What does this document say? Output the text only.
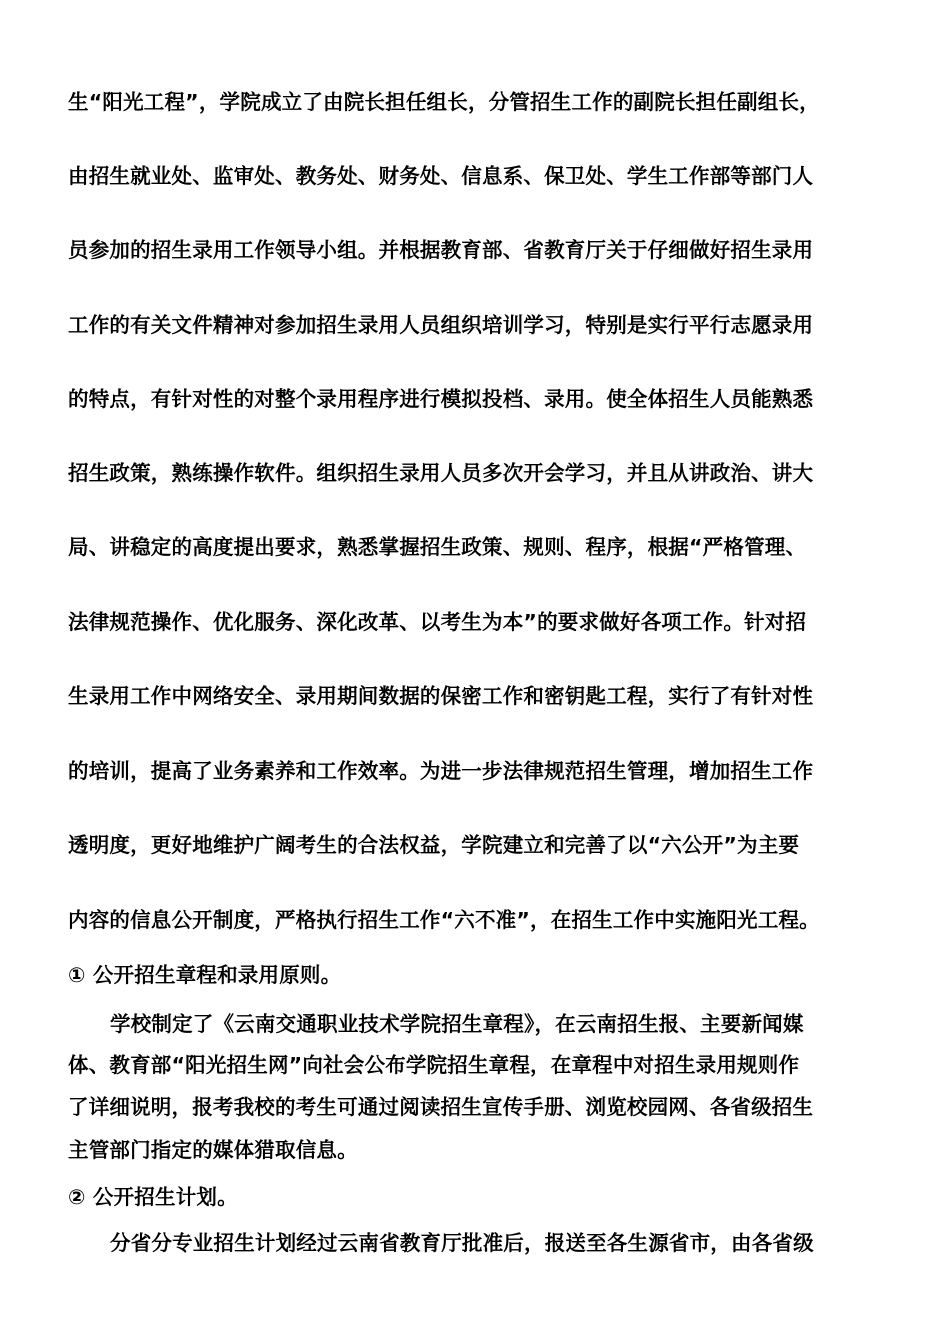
生“阳光工程”，学院成立了由院长担任组长，分管招生工作的副院长担任副组长，
由招生就业处、监审处、教务处、财务处、信息系、保卫处、学生工作部等部门人
员参加的招生录用工作领导小组。并根据教育部、省教育厅关于仔细做好招生录用
工作的有关文件精神对参加招生录用人员组织培训学习，特别是实行平行志愿录用
的特点，有针对性的对整个录用程序进行模拟投档、录用。使全体招生人员能熟悉
招生政策，熟练操作软件。组织招生录用人员多次开会学习，并且从讲政治、讲大
局、讲稳定的高度提出要求，熟悉掌握招生政策、规则、程序，根据“严格管理、
法律规范操作、优化服务、深化改革、以考生为本”的要求做好各项工作。针对招
生录用工作中网络安全、录用期间数据的保密工作和密钥匙工程，实行了有针对性
的培训，提高了业务素养和工作效率。为进一步法律规范招生管理，增加招生工作
透明度，更好地维护广阔考生的合法权益，学院建立和完善了以“六公开”为主要
内容的信息公开制度，严格执行招生工作“六不准”，在招生工作中实施阳光工程。
① 公开招生章程和录用原则。
学校制定了《云南交通职业技术学院招生章程》，在云南招生报、主要新闻媒
体、教育部“阳光招生网”向社会公布学院招生章程，在章程中对招生录用规则作
了详细说明，报考我校的考生可通过阅读招生宣传手册、浏览校园网、各省级招生
主管部门指定的媒体猎取信息。
② 公开招生计划。
分省分专业招生计划经过云南省教育厅批准后，报送至各生源省市，由各省级
